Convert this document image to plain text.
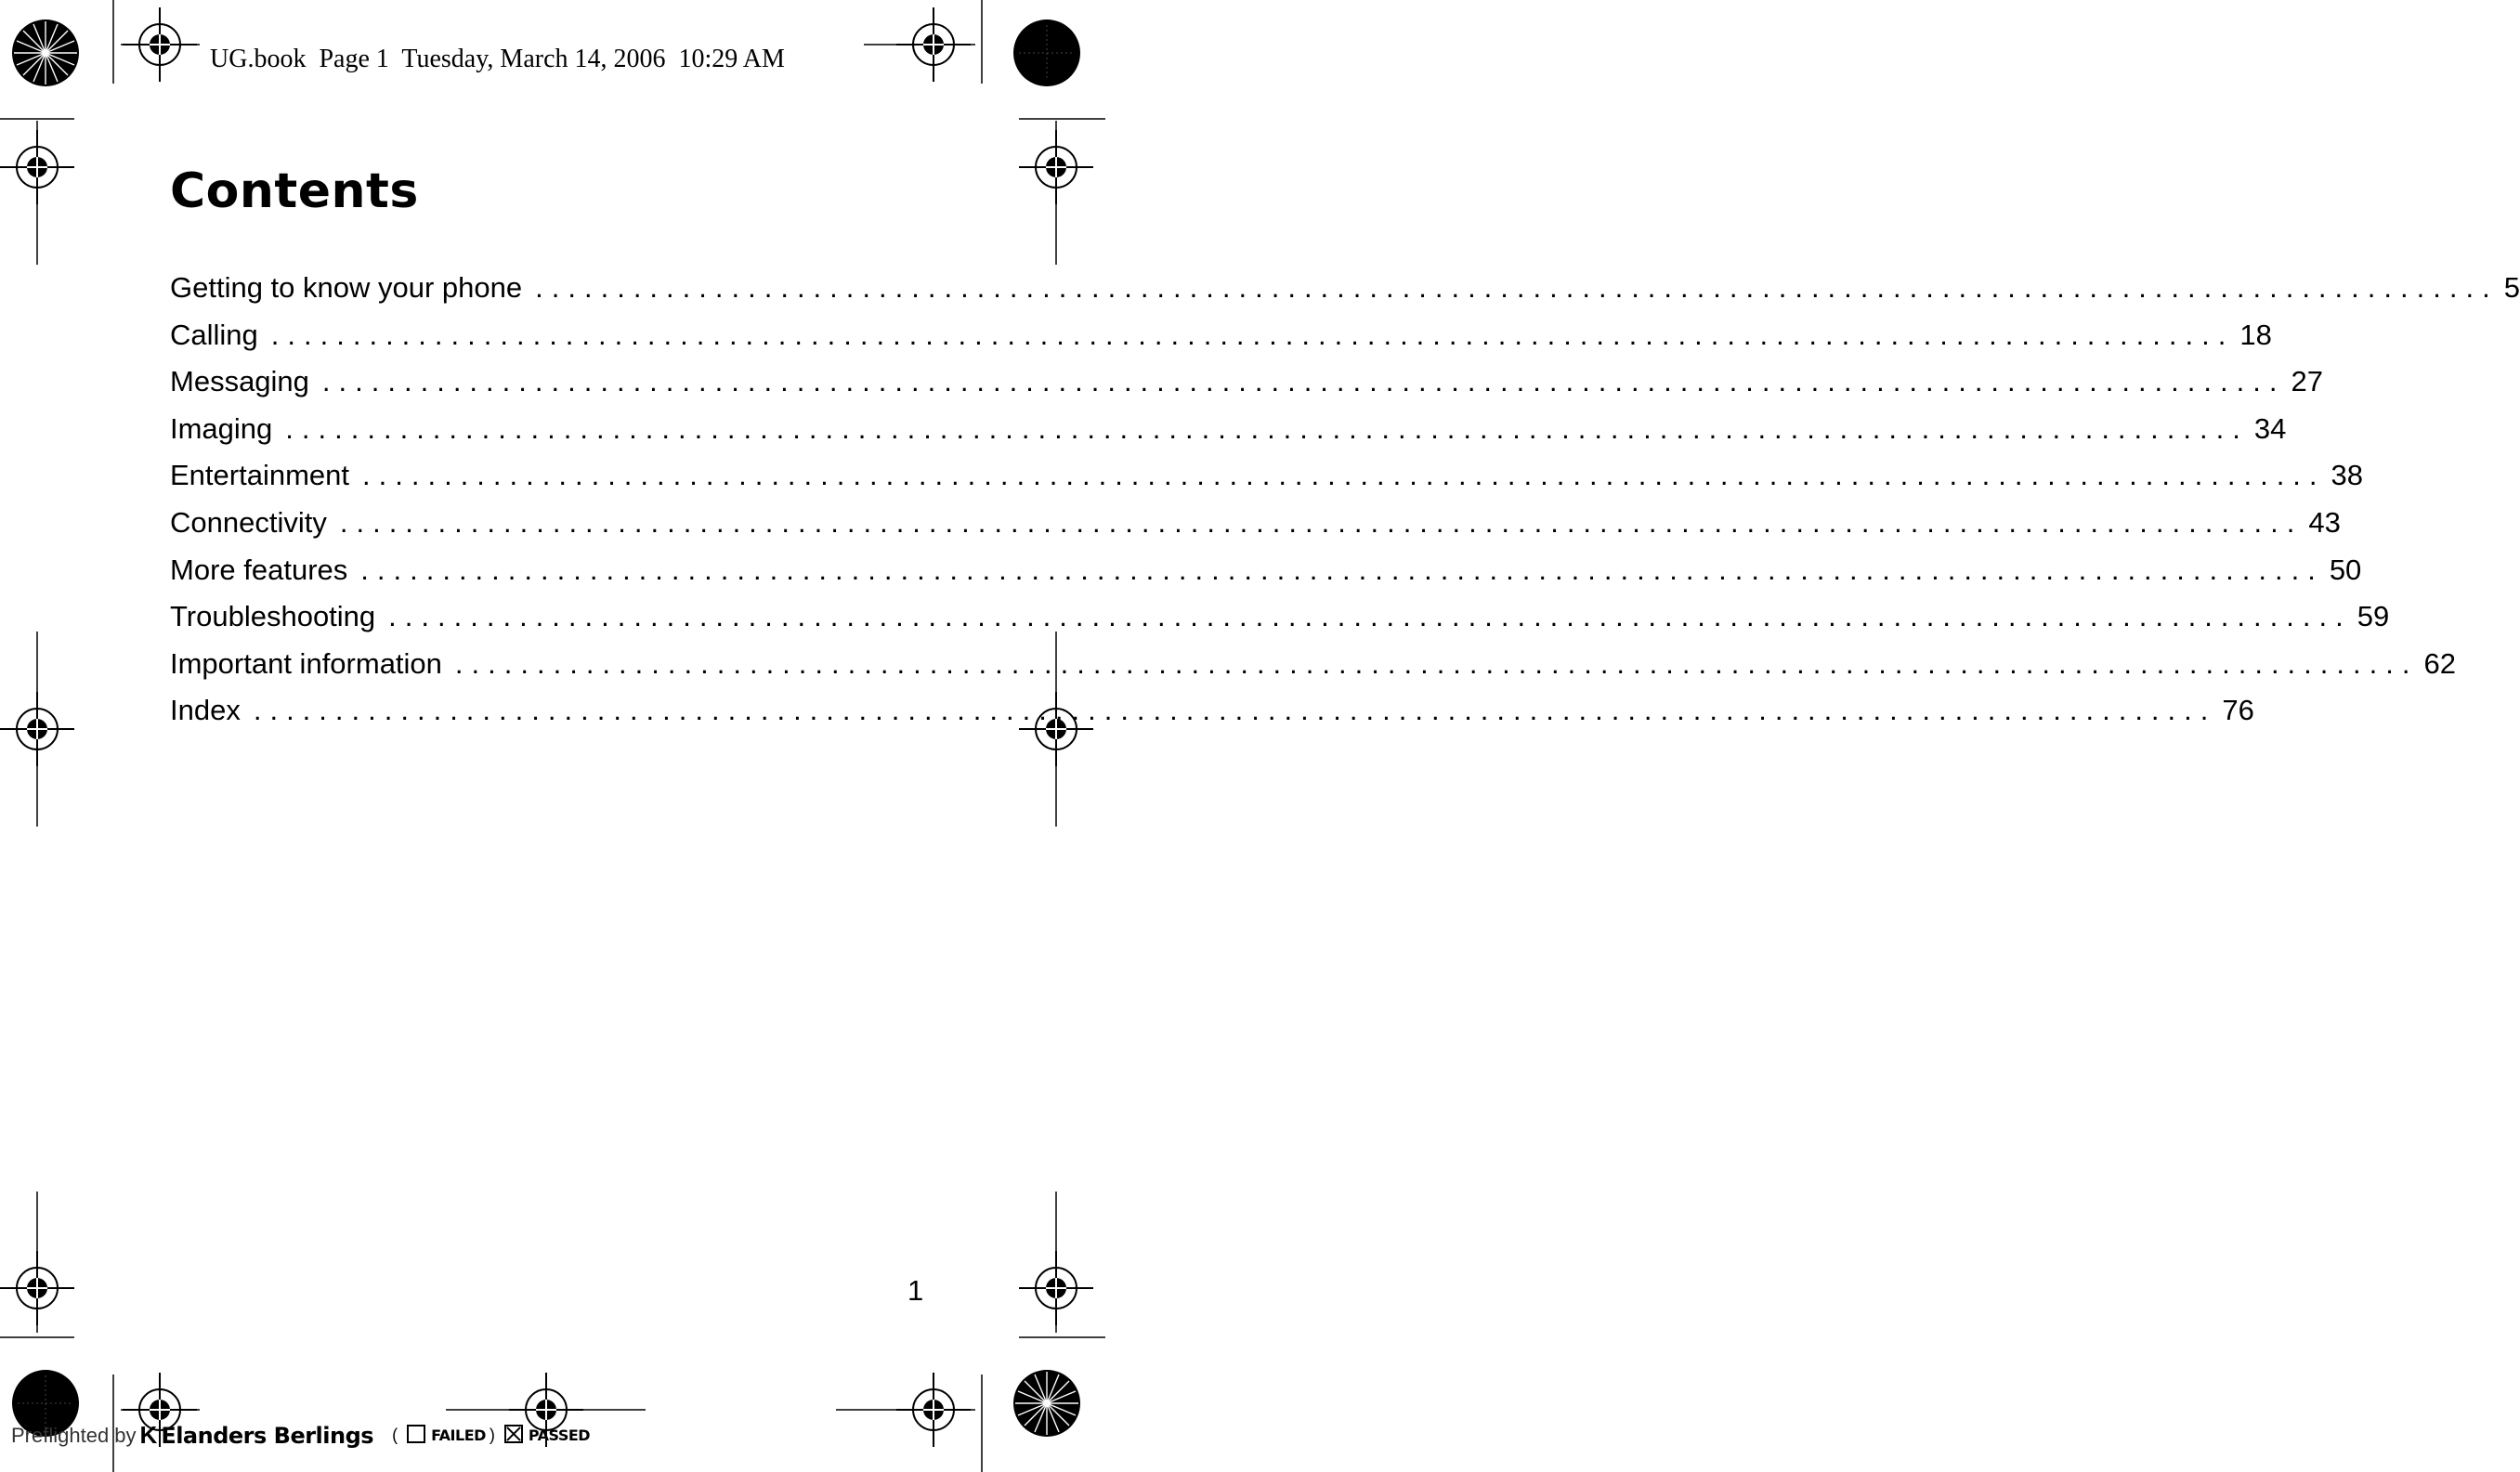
UG.book  Page 1  Tuesday, March 14, 2006  10:29 AM
Contents
Getting to know your phone ........................................................................................................................ 5
Calling ........................................................................................................................ 18
Messaging ........................................................................................................................ 27
Imaging ........................................................................................................................ 34
Entertainment ........................................................................................................................ 38
Connectivity ........................................................................................................................ 43
More features ........................................................................................................................ 50
Troubleshooting ........................................................................................................................ 59
Important information ........................................................................................................................ 62
Index ........................................................................................................................ 76
1
Preflighted by K Elanders Berlings ( FAILED ) PASSED
